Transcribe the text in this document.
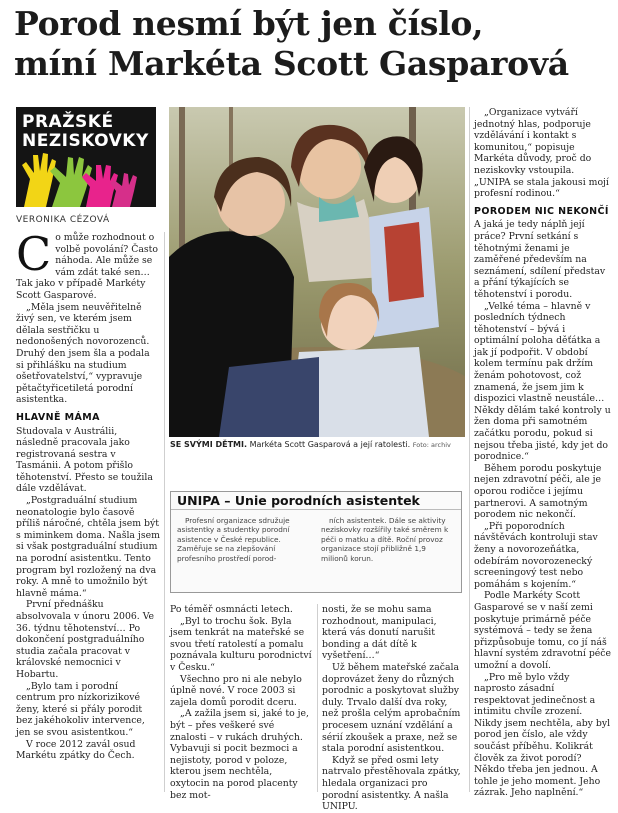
Porod nesmí být jen číslo,
míní Markéta Scott Gasparová
PRAŽSKÉ
NEZISKOVKY
VERONIKA CÉZOVÁ

Co může rozhodnout o volbě povolání? Často náhoda. Ale může se vám zdát také sen… Tak jako v případě Markéty Scott Gasparové.

„Měla jsem neuvěřitelně živý sen, ve kterém jsem dělala sestřičku u nedonošených novorozenců. Druhý den jsem šla a podala si přihlášku na studium ošetřovatelství,“ vypravuje pětačtyřicetiletá porodní asistentka.

HLAVNĚ MÁMA

Studovala v Austrálii, následně pracovala jako registrovaná sestra v Tasmánii. A potom přišlo těhotenství. Přesto se toužila dále vzdělávat.

„Postgraduální studium neonatologie bylo časově příliš náročné, chtěla jsem být s miminkem doma. Našla jsem si však postgraduální studium na porodní asistentku. Tento program byl rozložený na dva roky. A mně to umožnilo být hlavně máma.“

První přednášku absolvovala v únoru 2006. Ve 36. týdnu těhotenství… Po dokončení postgraduálního studia začala pracovat v královské nemocnici v Hobartu.

„Bylo tam i porodní centrum pro nízkorizikové ženy, které si přály porodit bez jakéhokoliv intervence, jen se svou asistentkou.“

V roce 2012 zavál osud Markétu zpátky do Čech.

SE SVÝMI DĚTMI. Markéta Scott Gasparová a její ratolesti. Foto: archiv
UNIPA – Unie porodních asistentek

Profesní organizace sdružuje asistentky a studentky porodní asistence v České republice. Zaměřuje se na zlepšování profesního prostředí porod-

ních asistentek. Dále se aktivity neziskovky rozšířily také směrem k péči o matku a dítě. Roční provoz organizace stojí přibližně 1,9 milionů korun.

Po téměř osmnácti letech.

„Byl to trochu šok. Byla jsem tenkrát na mateřské se svou třetí ratolestí a pomalu poznávala kulturu porodnictví v Česku.“

Všechno pro ni ale nebylo úplně nové. V roce 2003 si zajela domů porodit dceru.

„A zažila jsem si, jaké to je, být – přes veškeré své znalosti – v rukách druhých. Vybavuji si pocit bezmoci a nejistoty, porod v poloze, kterou jsem nechtěla, oxytocin na porod placenty bez mot-

nosti, že se mohu sama rozhodnout, manipulaci, která vás donutí narušit bonding a dát dítě k vyšetření…“

Už během mateřské začala doprovázet ženy do různých porodnic a poskytovat služby duly. Trvalo další dva roky, než prošla celým aprobačním procesem uznání vzdělání a sérií zkoušek a praxe, než se stala porodní asistentkou.

Když se před osmi lety natrvalo přestěhovala zpátky, hledala organizaci pro porodní asistentky. A našla UNIPU.

„Organizace vytváří jednotný hlas, podporuje vzdělávání i kontakt s komunitou,“ popisuje Markéta důvody, proč do neziskovky vstoupila. „UNIPA se stala jakousi mojí profesní rodinou.“

PORODEM NIC NEKONČÍ

A jaká je tedy náplň její práce? První setkání s těhotnými ženami je zaměřené především na seznámení, sdílení představ a přání týkajících se těhotenství i porodu.

„Velké téma – hlavně v posledních týdnech těhotenství – bývá i optimální poloha děťátka a jak jí podpořit. V období kolem termínu pak držím ženám pohotovost, což znamená, že jsem jim k dispozici vlastně neustále… Někdy dělám také kontroly u žen doma při samotném začátku porodu, pokud si nejsou třeba jisté, kdy jet do porodnice.“

Během porodu poskytuje nejen zdravotní péči, ale je oporou rodičce i jejímu partnerovi. A samotným porodem nic nekončí.

„Při poporodních návštěvách kontroluji stav ženy a novorozeňátka, odebírám novorozenecký screeningový test nebo pomáhám s kojením.“

Podle Markéty Scott Gasparové se v naší zemi poskytuje primárně péče systémová – tedy se žena přizpůsobuje tomu, co jí náš hlavní systém zdravotní péče umožní a dovolí.

„Pro mě bylo vždy naprosto zásadní respektovat jedinečnost a intimitu chvíle zrození. Nikdy jsem nechtěla, aby byl porod jen číslo, ale vždy součást příběhu. Kolikrát člověk za život porodí? Někdo třeba jen jednou. A tohle je jeho moment. Jeho zázrak. Jeho naplnění.“
